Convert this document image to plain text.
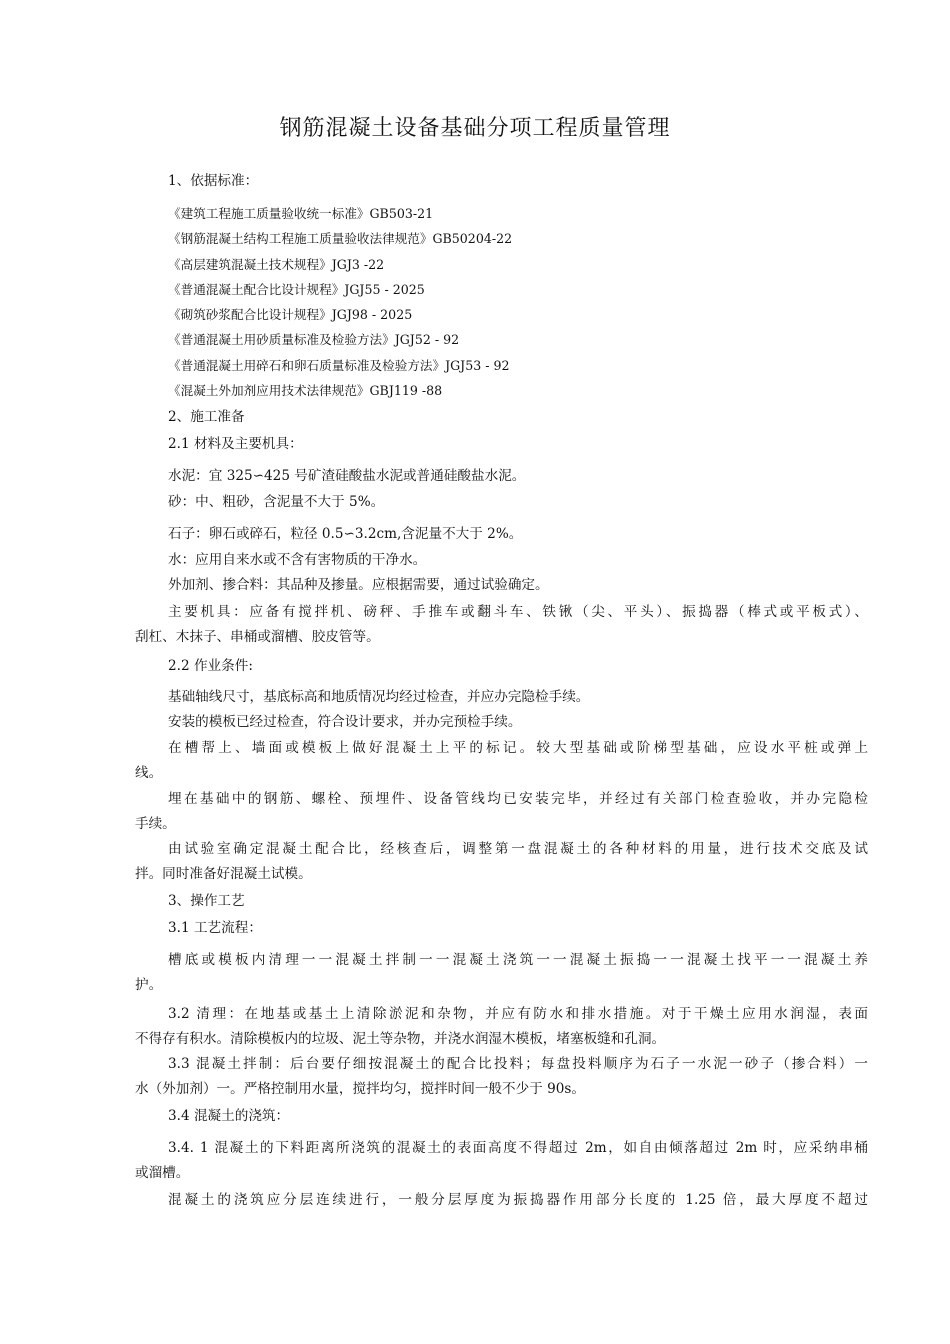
钢筋混凝土设备基础分项工程质量管理
1、依据标准：
《建筑工程施工质量验收统一标准》GB503-21
《钢筋混凝土结构工程施工质量验收法律规范》GB50204-22
《高层建筑混凝土技术规程》JGJ3 -22
《普通混凝土配合比设计规程》JGJ55 - 2025
《砌筑砂浆配合比设计规程》JGJ98 - 2025
《普通混凝土用砂质量标准及检验方法》JGJ52 - 92
《普通混凝土用碎石和卵石质量标准及检验方法》JGJ53 - 92
《混凝土外加剂应用技术法律规范》GBJ119 -88
2、施工准备
2.1 材料及主要机具：
水泥：宜 325∽425 号矿渣硅酸盐水泥或普通硅酸盐水泥。
砂：中、粗砂，含泥量不大于 5%。
石子：卵石或碎石，粒径 0.5∽3.2cm,含泥量不大于 2%。
水：应用自来水或不含有害物质的干净水。
外加剂、掺合料：其品种及掺量。应根据需要，通过试验确定。
主要机具：应备有搅拌机、磅秤、手推车或翻斗车、铁锹（尖、平头）、振捣器（棒式或平板式）、
刮杠、木抹子、串桶或溜槽、胶皮管等。
2.2 作业条件:
基础轴线尺寸，基底标高和地质情况均经过检查，并应办完隐检手续。
安装的模板已经过检查，符合设计要求，并办完预检手续。
在槽帮上、墙面或模板上做好混凝土上平的标记。较大型基础或阶梯型基础，应设水平桩或弹上
线。
埋在基础中的钢筋、螺栓、预埋件、设备管线均已安装完毕，并经过有关部门检查验收，并办完隐检
手续。
由试验室确定混凝土配合比，经核查后，调整第一盘混凝土的各种材料的用量，进行技术交底及试
拌。同时准备好混凝土试模。
3、操作工艺
3.1 工艺流程：
槽底或模板内清理一一混凝土拌制一一混凝土浇筑一一混凝土振捣一一混凝土找平一一混凝土养
护。
3.2 清理：在地基或基土上清除淤泥和杂物，并应有防水和排水措施。对于干燥土应用水润湿，表面
不得存有积水。清除模板内的垃圾、泥土等杂物，并浇水润湿木模板，堵塞板缝和孔洞。
3.3 混凝土拌制：后台要仔细按混凝土的配合比投料；每盘投料顺序为石子一水泥一砂子（掺合料）一
水（外加剂）一。严格控制用水量，搅拌均匀，搅拌时间一般不少于 90s。
3.4 混凝土的浇筑：
3.4. 1 混凝土的下料距离所浇筑的混凝土的表面高度不得超过 2m，如自由倾落超过 2m 时，应采纳串桶
或溜槽。
混凝土的浇筑应分层连续进行，一般分层厚度为振捣器作用部分长度的 1.25 倍，最大厚度不超过
